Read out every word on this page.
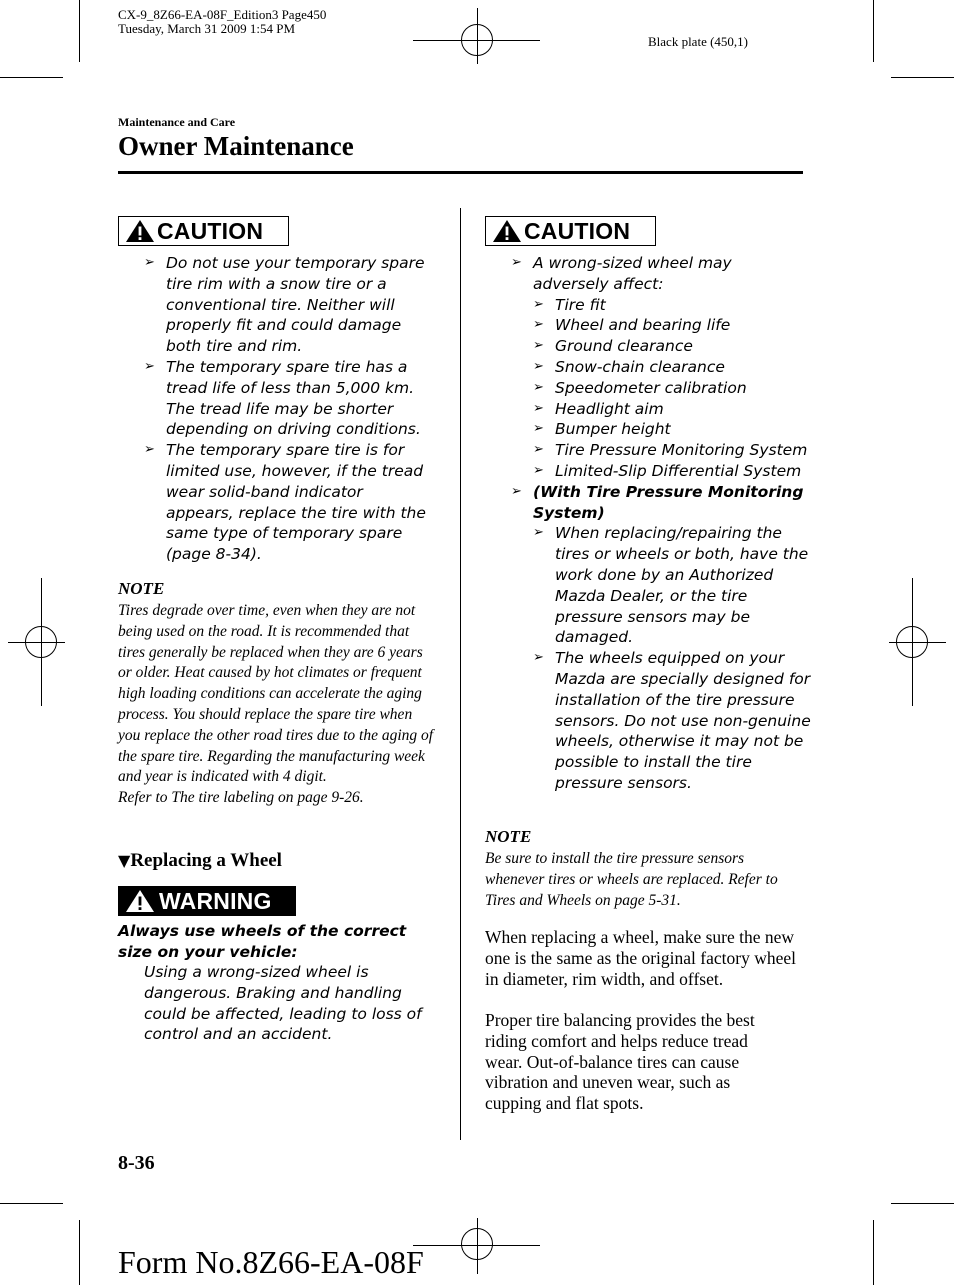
CX-9_8Z66-EA-08F_Edition3 Page450
Tuesday, March 31 2009 1:54 PM
Black plate (450,1)
Maintenance and Care
Owner Maintenance
CAUTION
➢ Do not use your temporary spare tire rim with a snow tire or a conventional tire. Neither will properly fit and could damage both tire and rim.
➢ The temporary spare tire has a tread life of less than 5,000 km. The tread life may be shorter depending on driving conditions.
➢ The temporary spare tire is for limited use, however, if the tread wear solid-band indicator appears, replace the tire with the same type of temporary spare (page 8-34).
NOTE
Tires degrade over time, even when they are not being used on the road. It is recommended that tires generally be replaced when they are 6 years or older. Heat caused by hot climates or frequent high loading conditions can accelerate the aging process. You should replace the spare tire when you replace the other road tires due to the aging of the spare tire. Regarding the manufacturing week and year is indicated with 4 digit.
Refer to The tire labeling on page 9-26.
▼Replacing a Wheel
WARNING
Always use wheels of the correct size on your vehicle:
Using a wrong-sized wheel is dangerous. Braking and handling could be affected, leading to loss of control and an accident.
CAUTION
➢ A wrong-sized wheel may adversely affect:
➢ Tire fit
➢ Wheel and bearing life
➢ Ground clearance
➢ Snow-chain clearance
➢ Speedometer calibration
➢ Headlight aim
➢ Bumper height
➢ Tire Pressure Monitoring System
➢ Limited-Slip Differential System
➢ (With Tire Pressure Monitoring System)
➢ When replacing/repairing the tires or wheels or both, have the work done by an Authorized Mazda Dealer, or the tire pressure sensors may be damaged.
➢ The wheels equipped on your Mazda are specially designed for installation of the tire pressure sensors. Do not use non-genuine wheels, otherwise it may not be possible to install the tire pressure sensors.
NOTE
Be sure to install the tire pressure sensors whenever tires or wheels are replaced. Refer to Tires and Wheels on page 5-31.
When replacing a wheel, make sure the new one is the same as the original factory wheel in diameter, rim width, and offset.
Proper tire balancing provides the best riding comfort and helps reduce tread wear. Out-of-balance tires can cause vibration and uneven wear, such as cupping and flat spots.
8-36
Form No.8Z66-EA-08F
